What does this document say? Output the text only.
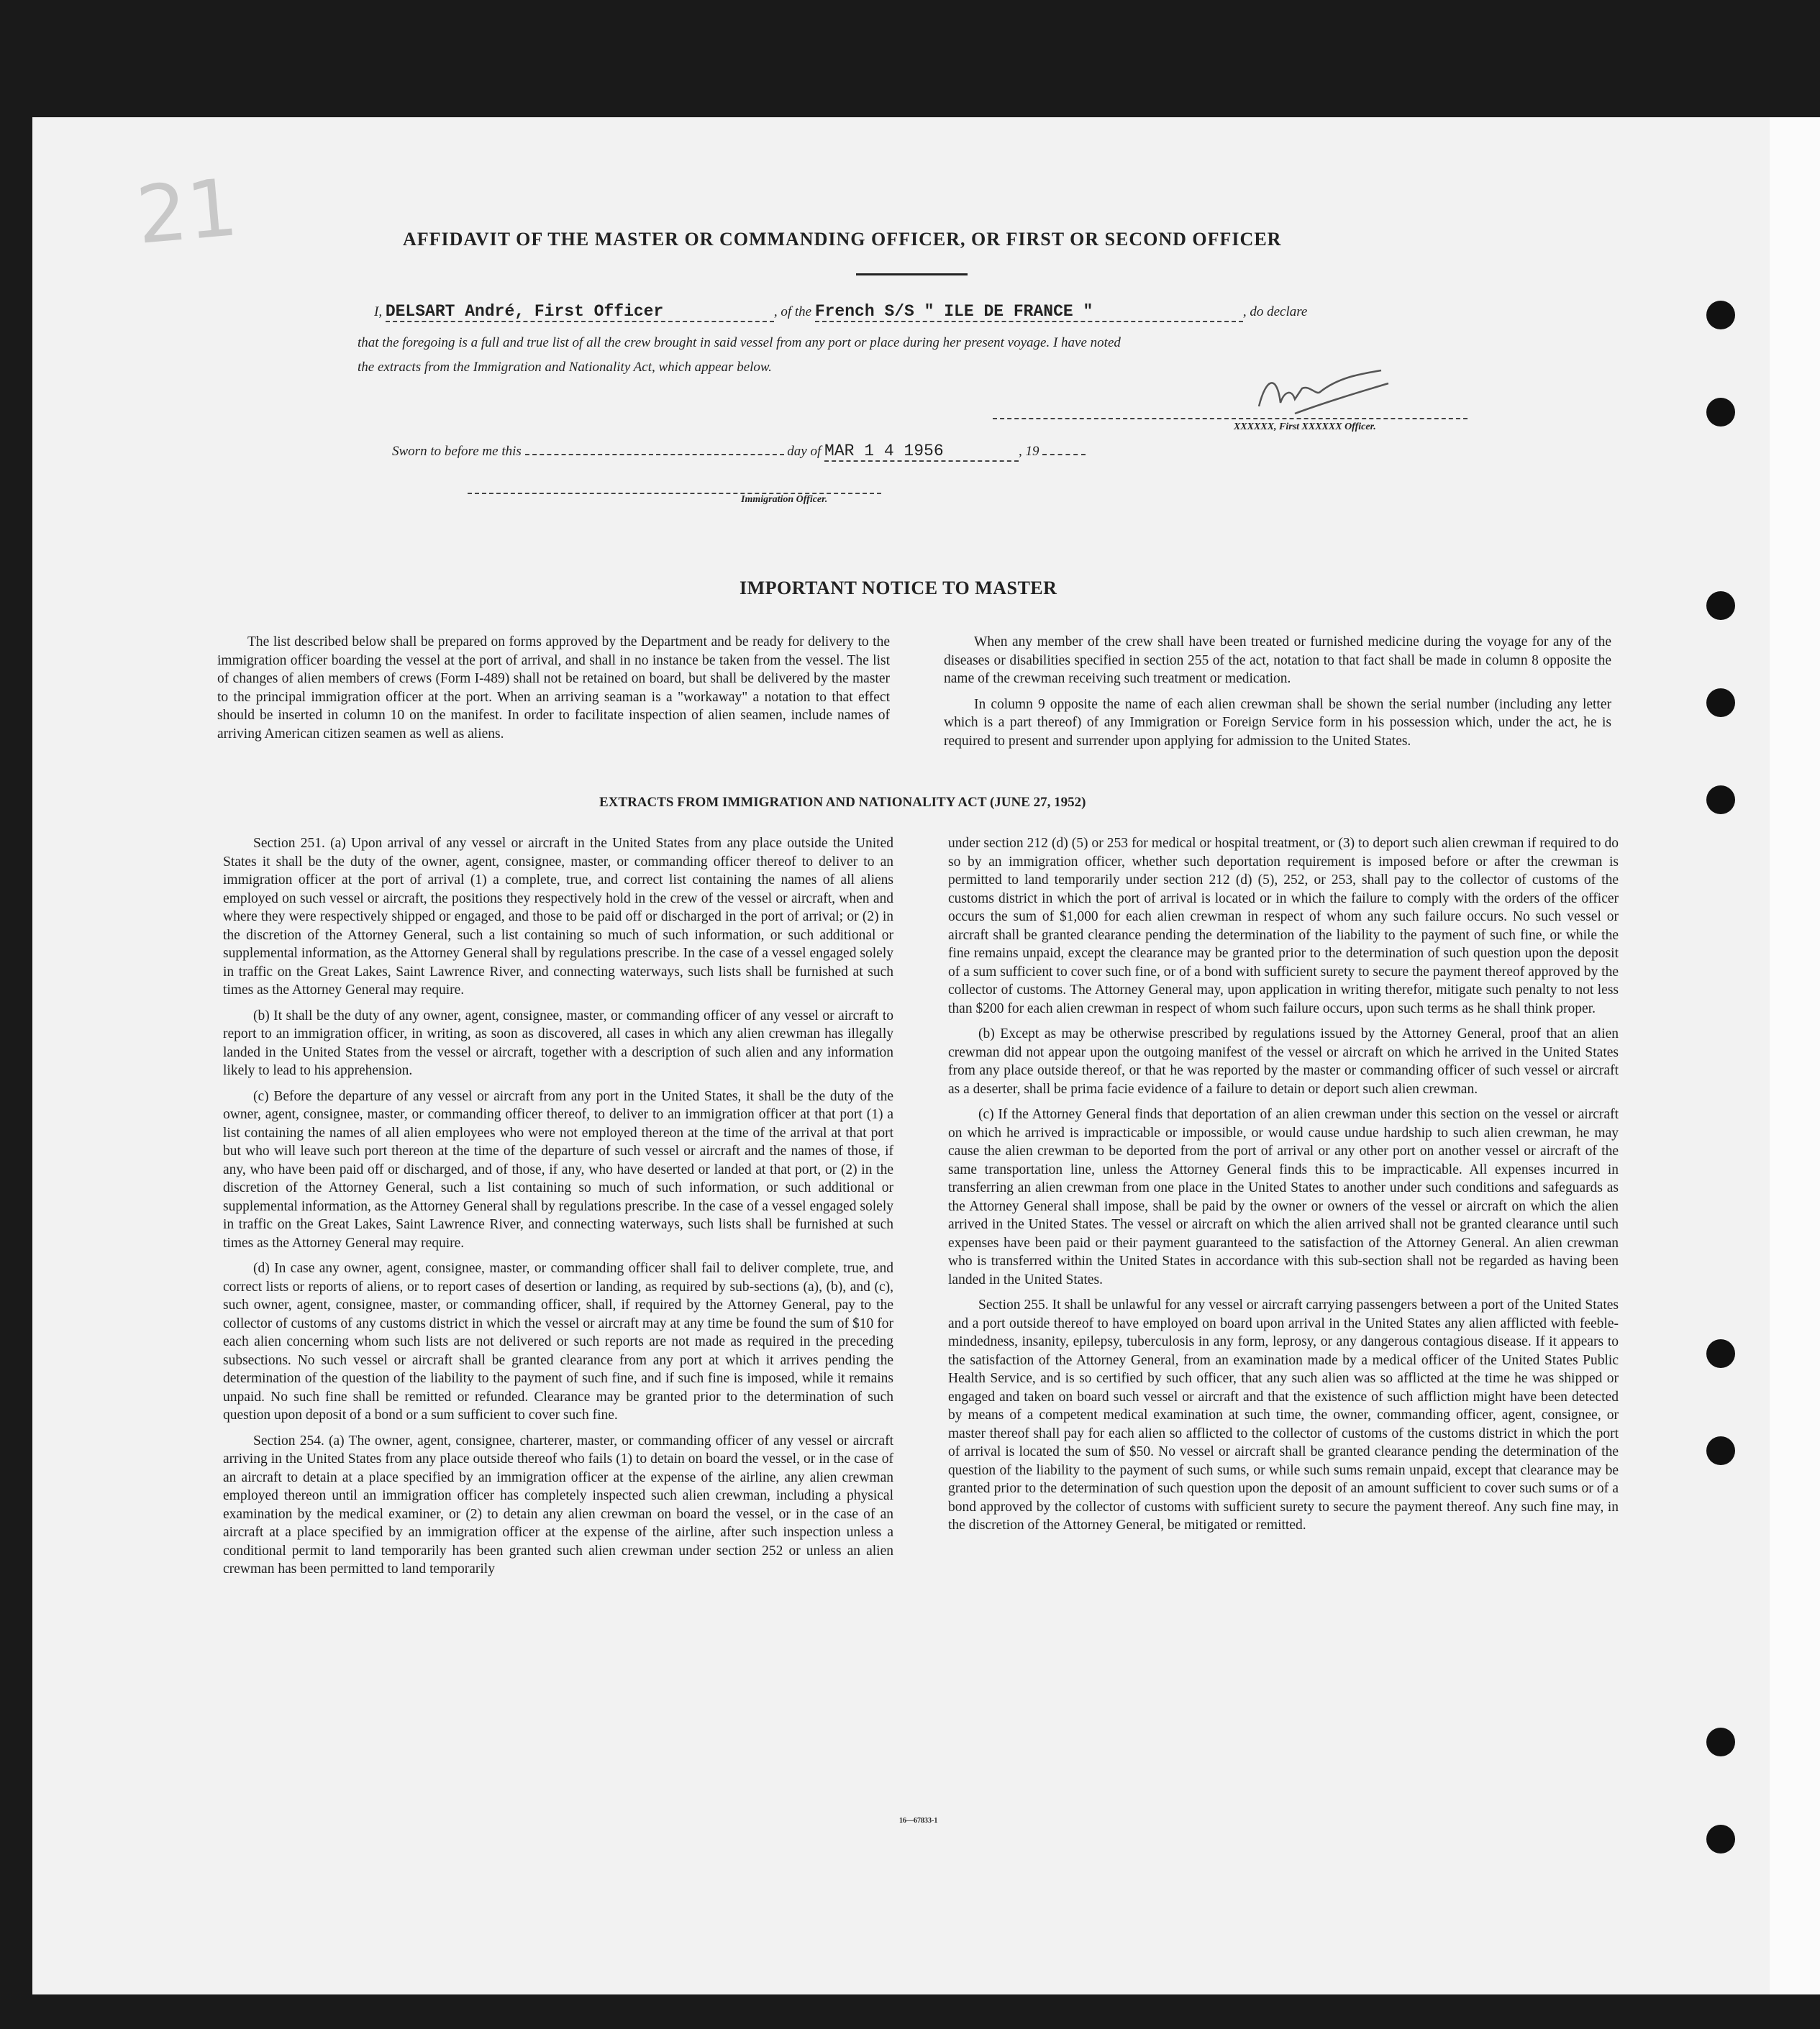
21	AFFIDAVIT OF THE MASTER OR COMMANDING OFFICER, OR FIRST OR SECOND OFFICER
I, DELSART André, First Officer	, of the French S/S " ILE DE FRANCE "	, do declare
that the foregoing is a full and true list of all the crew brought in said vessel from any port or place during her present voyage. I have noted
the extracts from the Immigration and Nationality Act, which appear below.
XXXXXX, First XXXXXX Officer.
Sworn to before me this	day of MAR 1 4 1956	, 19
Immigration Officer.
IMPORTANT NOTICE TO MASTER

The list described below shall be prepared on forms approved by the Department and be ready for delivery to the immigration officer boarding the vessel at the port of arrival, and shall in no instance be taken from the vessel. The list of changes of alien members of crews (Form I-489) shall not be retained on board, but shall be delivered by the master to the principal immigration officer at the port. When an arriving seaman is a "workaway" a notation to that effect should be inserted in column 10 on the manifest. In order to facilitate inspection of alien seamen, include names of arriving American citizen seamen as well as aliens.

When any member of the crew shall have been treated or furnished medicine during the voyage for any of the diseases or disabilities specified in section 255 of the act, notation to that fact shall be made in column 8 opposite the name of the crewman receiving such treatment or medication.

In column 9 opposite the name of each alien crewman shall be shown the serial number (including any letter which is a part thereof) of any Immigration or Foreign Service form in his possession which, under the act, he is required to present and surrender upon applying for admission to the United States.

EXTRACTS FROM IMMIGRATION AND NATIONALITY ACT (JUNE 27, 1952)

Section 251. (a) Upon arrival of any vessel or aircraft in the United States from any place outside the United States it shall be the duty of the owner, agent, consignee, master, or commanding officer thereof to deliver to an immigration officer at the port of arrival (1) a complete, true, and correct list containing the names of all aliens employed on such vessel or aircraft, the positions they respectively hold in the crew of the vessel or aircraft, when and where they were respectively shipped or engaged, and those to be paid off or discharged in the port of arrival; or (2) in the discretion of the Attorney General, such a list containing so much of such information, or such additional or supplemental information, as the Attorney General shall by regulations prescribe. In the case of a vessel engaged solely in traffic on the Great Lakes, Saint Lawrence River, and connecting waterways, such lists shall be furnished at such times as the Attorney General may require.

(b) It shall be the duty of any owner, agent, consignee, master, or commanding officer of any vessel or aircraft to report to an immigration officer, in writing, as soon as discovered, all cases in which any alien crewman has illegally landed in the United States from the vessel or aircraft, together with a description of such alien and any information likely to lead to his apprehension.

(c) Before the departure of any vessel or aircraft from any port in the United States, it shall be the duty of the owner, agent, consignee, master, or commanding officer thereof, to deliver to an immigration officer at that port (1) a list containing the names of all alien employees who were not employed thereon at the time of the arrival at that port but who will leave such port thereon at the time of the departure of such vessel or aircraft and the names of those, if any, who have been paid off or discharged, and of those, if any, who have deserted or landed at that port, or (2) in the discretion of the Attorney General, such a list containing so much of such information, or such additional or supplemental information, as the Attorney General shall by regulations prescribe. In the case of a vessel engaged solely in traffic on the Great Lakes, Saint Lawrence River, and connecting waterways, such lists shall be furnished at such times as the Attorney General may require.

(d) In case any owner, agent, consignee, master, or commanding officer shall fail to deliver complete, true, and correct lists or reports of aliens, or to report cases of desertion or landing, as required by sub-sections (a), (b), and (c), such owner, agent, consignee, master, or commanding officer, shall, if required by the Attorney General, pay to the collector of customs of any customs district in which the vessel or aircraft may at any time be found the sum of $10 for each alien concerning whom such lists are not delivered or such reports are not made as required in the preceding subsections. No such vessel or aircraft shall be granted clearance from any port at which it arrives pending the determination of the question of the liability to the payment of such fine, and if such fine is imposed, while it remains unpaid. No such fine shall be remitted or refunded. Clearance may be granted prior to the determination of such question upon deposit of a bond or a sum sufficient to cover such fine.

Section 254. (a) The owner, agent, consignee, charterer, master, or commanding officer of any vessel or aircraft arriving in the United States from any place outside thereof who fails (1) to detain on board the vessel, or in the case of an aircraft to detain at a place specified by an immigration officer at the expense of the airline, any alien crewman employed thereon until an immigration officer has completely inspected such alien crewman, including a physical examination by the medical examiner, or (2) to detain any alien crewman on board the vessel, or in the case of an aircraft at a place specified by an immigration officer at the expense of the airline, after such inspection unless a conditional permit to land temporarily has been granted such alien crewman under section 252 or unless an alien crewman has been permitted to land temporarily

under section 212 (d) (5) or 253 for medical or hospital treatment, or (3) to deport such alien crewman if required to do so by an immigration officer, whether such deportation requirement is imposed before or after the crewman is permitted to land temporarily under section 212 (d) (5), 252, or 253, shall pay to the collector of customs of the customs district in which the port of arrival is located or in which the failure to comply with the orders of the officer occurs the sum of $1,000 for each alien crewman in respect of whom any such failure occurs. No such vessel or aircraft shall be granted clearance pending the determination of the liability to the payment of such fine, or while the fine remains unpaid, except the clearance may be granted prior to the determination of such question upon the deposit of a sum sufficient to cover such fine, or of a bond with sufficient surety to secure the payment thereof approved by the collector of customs. The Attorney General may, upon application in writing therefor, mitigate such penalty to not less than $200 for each alien crewman in respect of whom such failure occurs, upon such terms as he shall think proper.

(b) Except as may be otherwise prescribed by regulations issued by the Attorney General, proof that an alien crewman did not appear upon the outgoing manifest of the vessel or aircraft on which he arrived in the United States from any place outside thereof, or that he was reported by the master or commanding officer of such vessel or aircraft as a deserter, shall be prima facie evidence of a failure to detain or deport such alien crewman.

(c) If the Attorney General finds that deportation of an alien crewman under this section on the vessel or aircraft on which he arrived is impracticable or impossible, or would cause undue hardship to such alien crewman, he may cause the alien crewman to be deported from the port of arrival or any other port on another vessel or aircraft of the same transportation line, unless the Attorney General finds this to be impracticable. All expenses incurred in transferring an alien crewman from one place in the United States to another under such conditions and safeguards as the Attorney General shall impose, shall be paid by the owner or owners of the vessel or aircraft on which the alien arrived in the United States. The vessel or aircraft on which the alien arrived shall not be granted clearance until such expenses have been paid or their payment guaranteed to the satisfaction of the Attorney General. An alien crewman who is transferred within the United States in accordance with this sub-section shall not be regarded as having been landed in the United States.

Section 255. It shall be unlawful for any vessel or aircraft carrying passengers between a port of the United States and a port outside thereof to have employed on board upon arrival in the United States any alien afflicted with feeble-mindedness, insanity, epilepsy, tuberculosis in any form, leprosy, or any dangerous contagious disease. If it appears to the satisfaction of the Attorney General, from an examination made by a medical officer of the United States Public Health Service, and is so certified by such officer, that any such alien was so afflicted at the time he was shipped or engaged and taken on board such vessel or aircraft and that the existence of such affliction might have been detected by means of a competent medical examination at such time, the owner, commanding officer, agent, consignee, or master thereof shall pay for each alien so afflicted to the collector of customs of the customs district in which the port of arrival is located the sum of $50. No vessel or aircraft shall be granted clearance pending the determination of the question of the liability to the payment of such sums, or while such sums remain unpaid, except that clearance may be granted prior to the determination of such question upon the deposit of an amount sufficient to cover such sums or of a bond approved by the collector of customs with sufficient surety to secure the payment thereof. Any such fine may, in the discretion of the Attorney General, be mitigated or remitted.

16—67833-1
